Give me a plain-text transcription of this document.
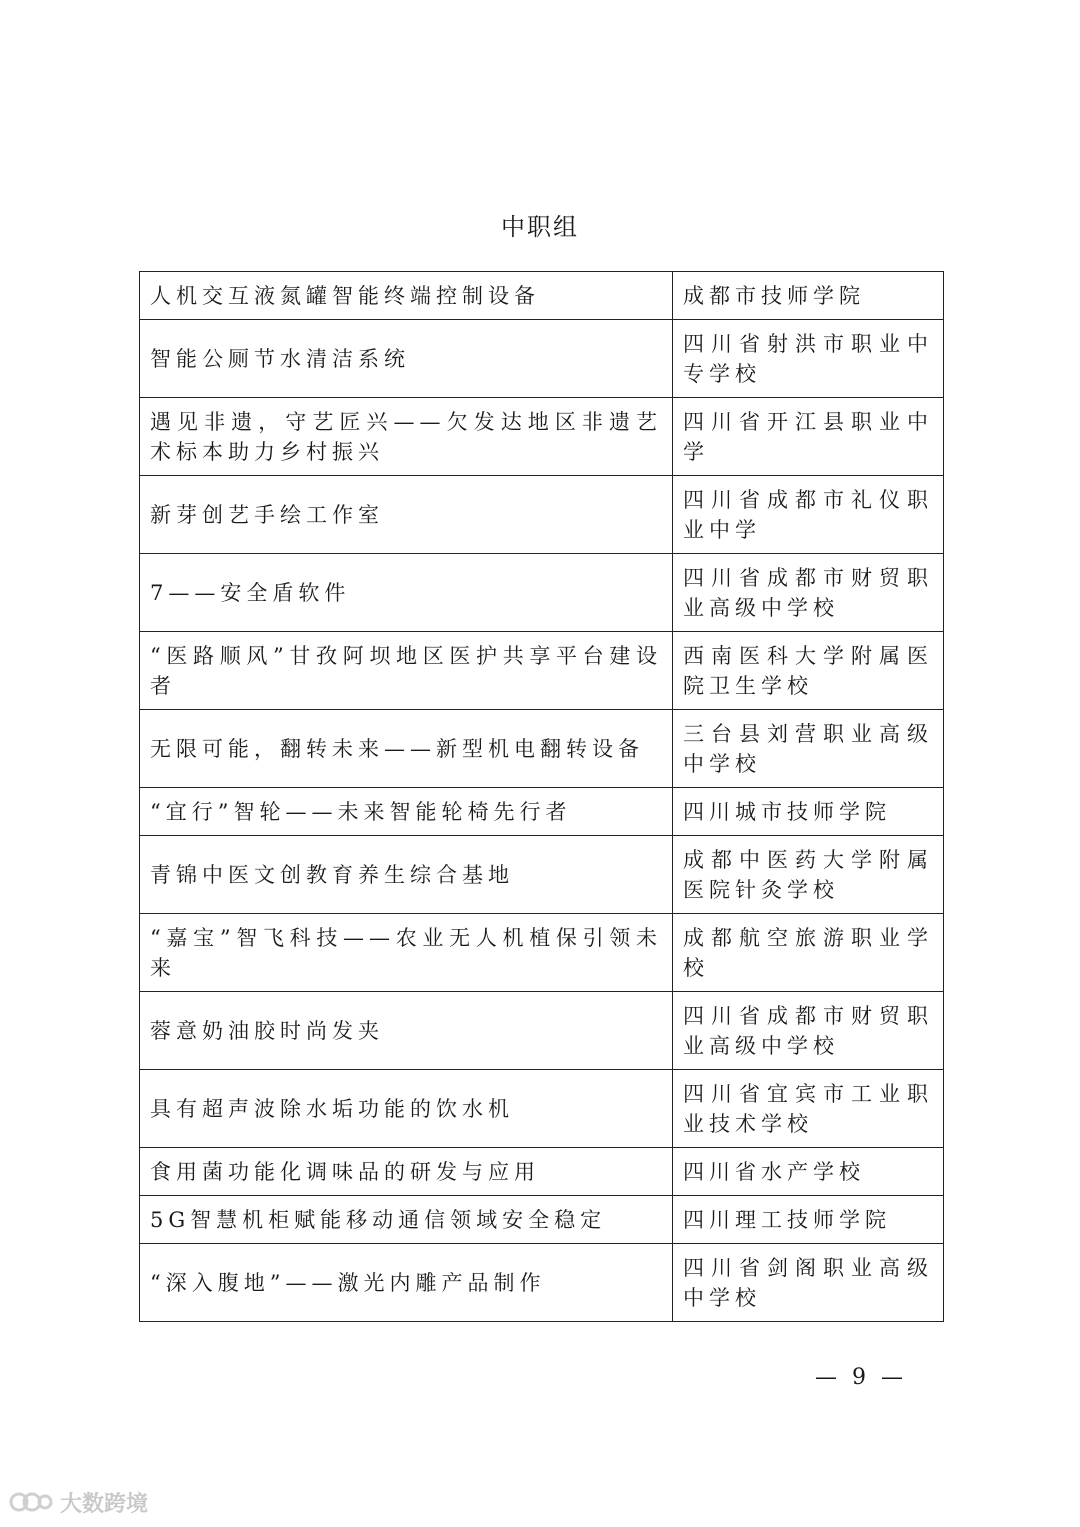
中职组
人机交互液氮罐智能终端控制设备	成都市技师学院
智能公厕节水清洁系统	四川省射洪市职业中专学校
遇见非遗，守艺匠兴——欠发达地区非遗艺术标本助力乡村振兴	四川省开江县职业中学
新芽创艺手绘工作室	四川省成都市礼仪职业中学
7——安全盾软件	四川省成都市财贸职业高级中学校
“医路顺风”甘孜阿坝地区医护共享平台建设者	西南医科大学附属医院卫生学校
无限可能，翻转未来——新型机电翻转设备	三台县刘营职业高级中学校
“宜行”智轮——未来智能轮椅先行者	四川城市技师学院
青锦中医文创教育养生综合基地	成都中医药大学附属医院针灸学校
“嘉宝”智飞科技——农业无人机植保引领未来	成都航空旅游职业学校
蓉意奶油胶时尚发夹	四川省成都市财贸职业高级中学校
具有超声波除水垢功能的饮水机	四川省宜宾市工业职业技术学校
食用菌功能化调味品的研发与应用	四川省水产学校
5G智慧机柜赋能移动通信领域安全稳定	四川理工技师学院
“深入腹地”——激光内雕产品制作	四川省剑阁职业高级中学校
— 9 —
大数跨境
